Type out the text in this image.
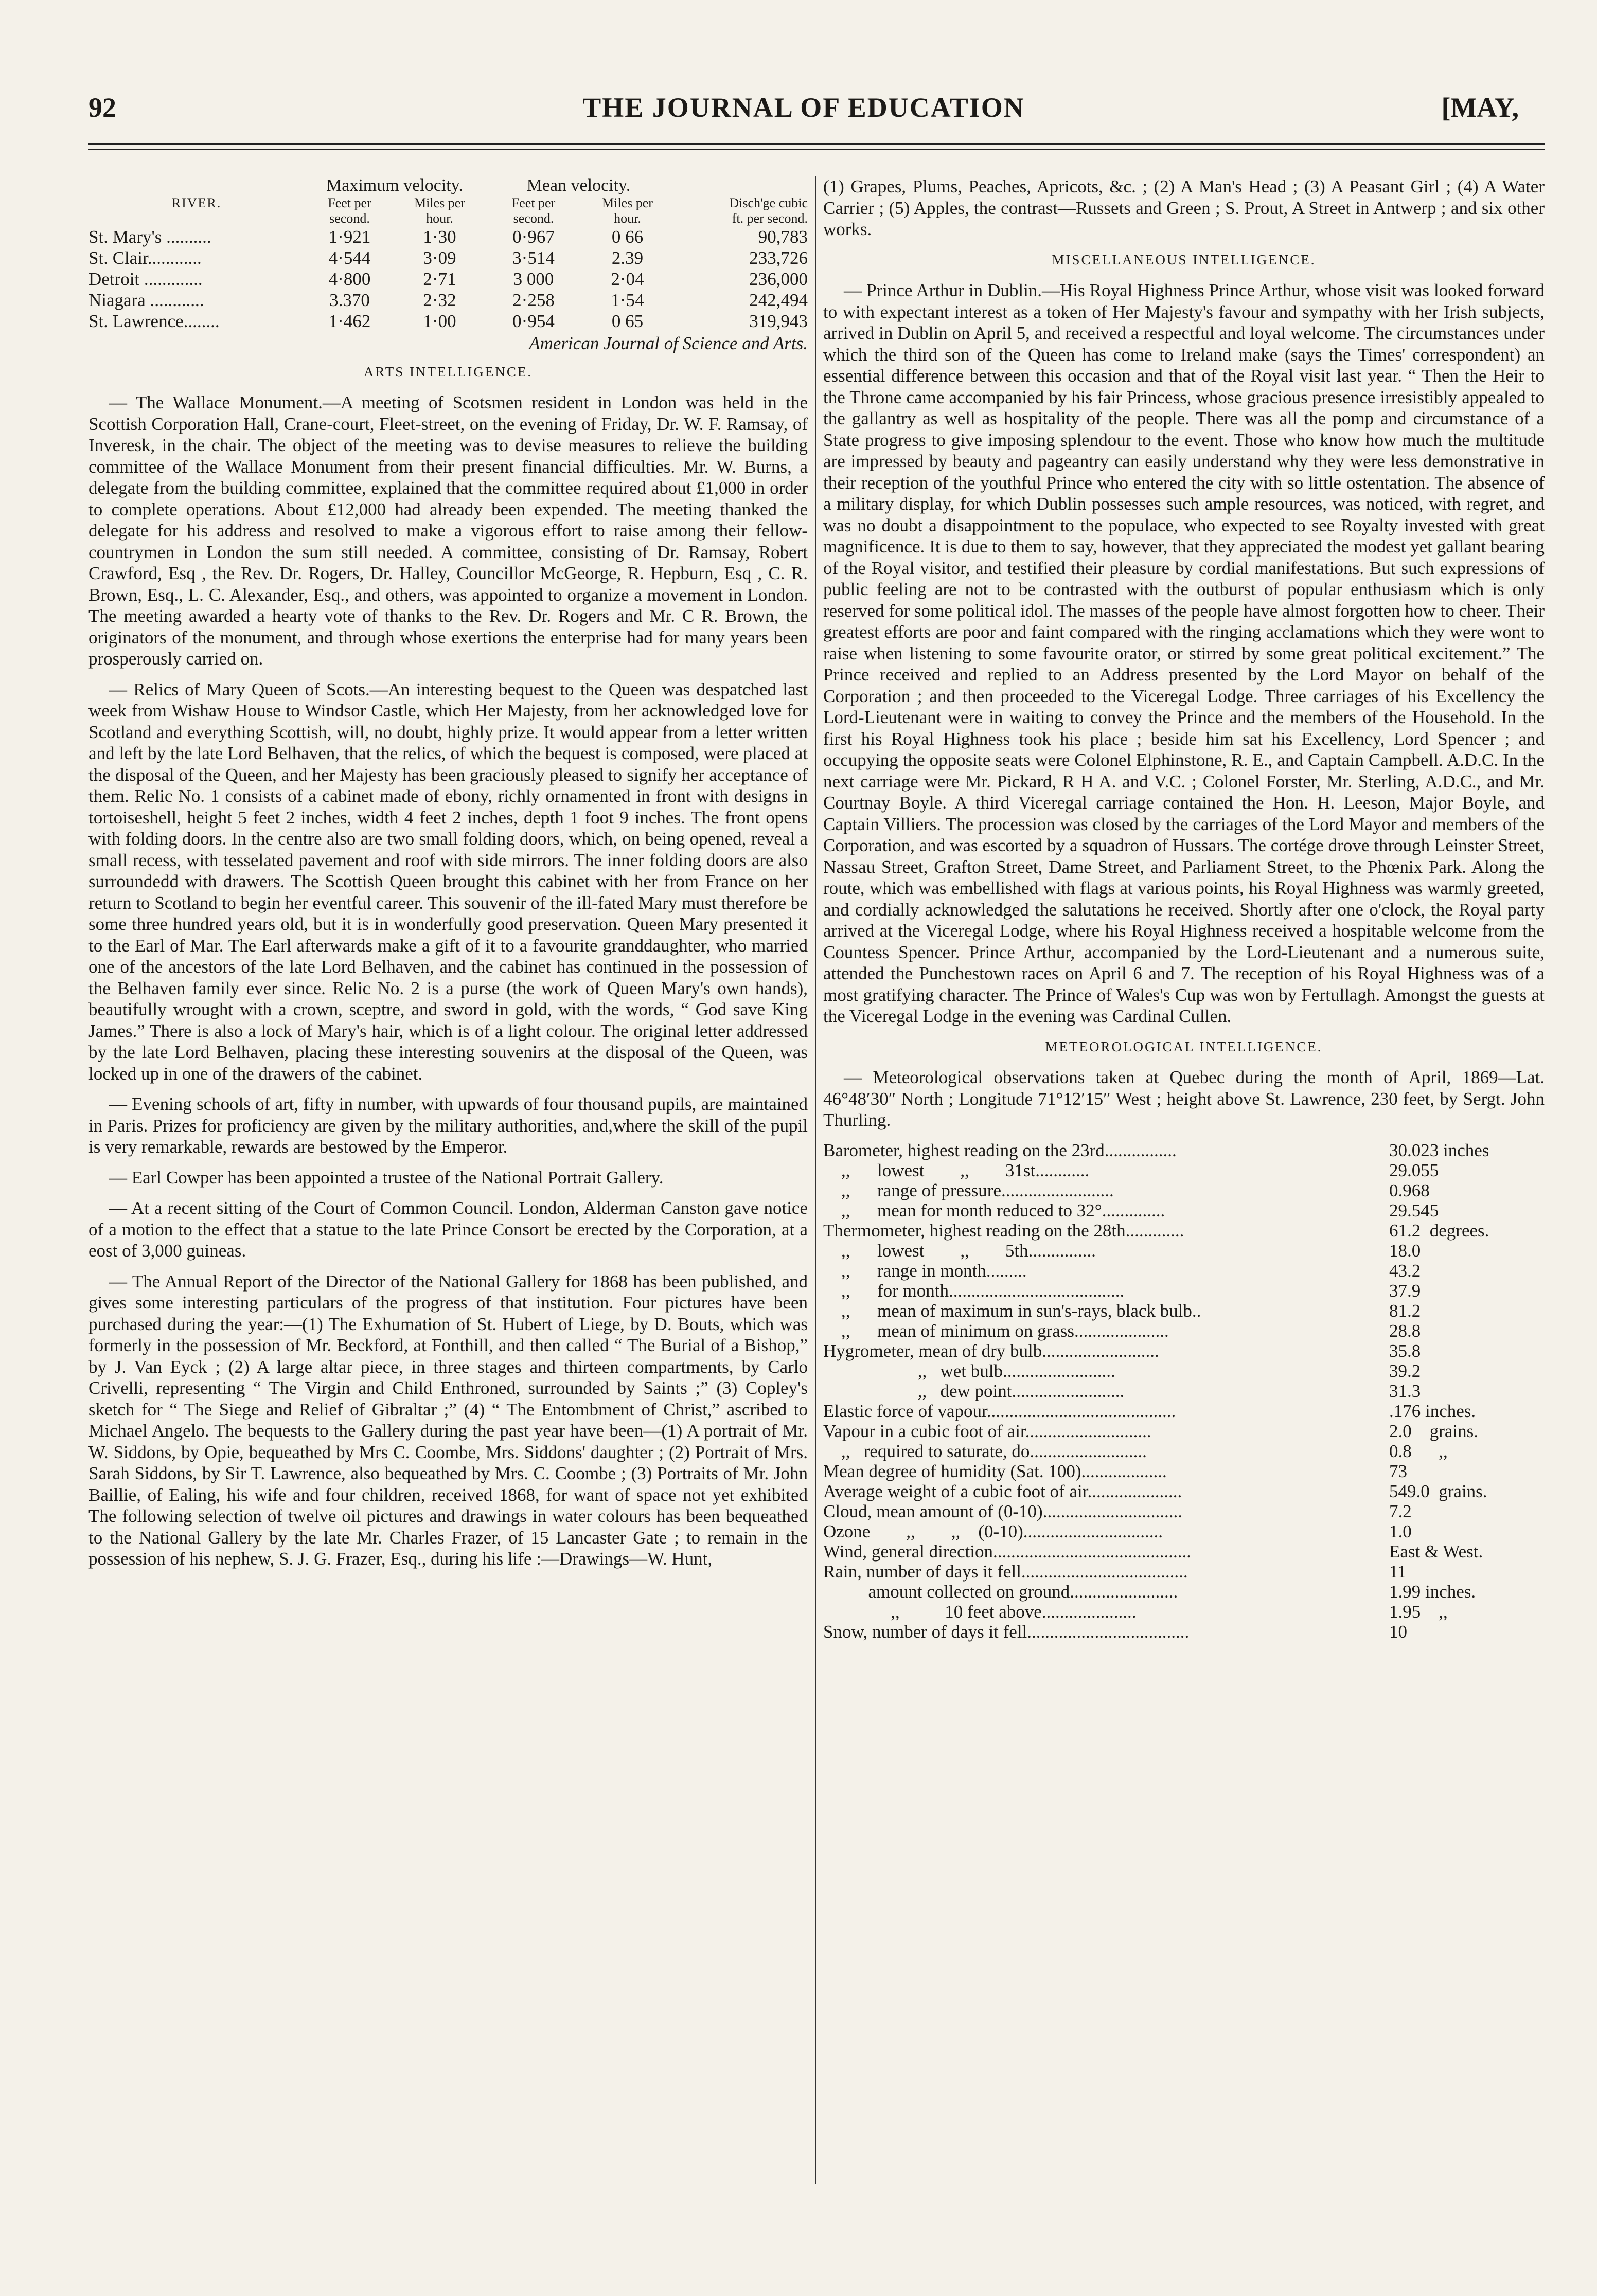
92	THE JOURNAL OF EDUCATION	[MAY,
Maximum velocity.	Mean velocity.
RIVER.	Feet per	Miles per	Feet per	Miles per	Disch'ge cubic
second.	hour.	second.	hour.	ft. per second.
St. Mary's ..........	1·921	1·30	0·967	0 66	90,783
St. Clair............	4·544	3·09	3·514	2.39	233,726
Detroit .............	4·800	2·71	3 000	2·04	236,000
Niagara ............	3.370	2·32	2·258	1·54	242,494
St. Lawrence........	1·462	1·00	0·954	0 65	319,943
American Journal of Science and Arts.
ARTS INTELLIGENCE.

— The Wallace Monument.—A meeting of Scotsmen resident in London was held in the Scottish Corporation Hall, Crane-court, Fleet-street, on the evening of Friday, Dr. W. F. Ramsay, of Inveresk, in the chair. The object of the meeting was to devise measures to relieve the building committee of the Wallace Monument from their present financial difficulties. Mr. W. Burns, a delegate from the building committee, explained that the committee required about £1,000 in order to complete operations. About £12,000 had already been expended. The meeting thanked the delegate for his address and resolved to make a vigorous effort to raise among their fellow-countrymen in London the sum still needed. A committee, consisting of Dr. Ramsay, Robert Crawford, Esq , the Rev. Dr. Rogers, Dr. Halley, Councillor McGeorge, R. Hepburn, Esq , C. R. Brown, Esq., L. C. Alexander, Esq., and others, was appointed to organize a movement in London. The meeting awarded a hearty vote of thanks to the Rev. Dr. Rogers and Mr. C R. Brown, the originators of the monument, and through whose exertions the enterprise had for many years been prosperously carried on.

— Relics of Mary Queen of Scots.—An interesting bequest to the Queen was despatched last week from Wishaw House to Windsor Castle, which Her Majesty, from her acknowledged love for Scotland and everything Scottish, will, no doubt, highly prize. It would appear from a letter written and left by the late Lord Belhaven, that the relics, of which the bequest is composed, were placed at the disposal of the Queen, and her Majesty has been graciously pleased to signify her acceptance of them. Relic No. 1 consists of a cabinet made of ebony, richly ornamented in front with designs in tortoiseshell, height 5 feet 2 inches, width 4 feet 2 inches, depth 1 foot 9 inches. The front opens with folding doors. In the centre also are two small folding doors, which, on being opened, reveal a small recess, with tesselated pavement and roof with side mirrors. The inner folding doors are also surroundedd with drawers. The Scottish Queen brought this cabinet with her from France on her return to Scotland to begin her eventful career. This souvenir of the ill-fated Mary must therefore be some three hundred years old, but it is in wonderfully good preservation. Queen Mary presented it to the Earl of Mar. The Earl afterwards make a gift of it to a favourite granddaughter, who married one of the ancestors of the late Lord Belhaven, and the cabinet has continued in the possession of the Belhaven family ever since. Relic No. 2 is a purse (the work of Queen Mary's own hands), beautifully wrought with a crown, sceptre, and sword in gold, with the words, “ God save King James.” There is also a lock of Mary's hair, which is of a light colour. The original letter addressed by the late Lord Belhaven, placing these interesting souvenirs at the disposal of the Queen, was locked up in one of the drawers of the cabinet.

— Evening schools of art, fifty in number, with upwards of four thousand pupils, are maintained in Paris. Prizes for proficiency are given by the military authorities, and,where the skill of the pupil is very remarkable, rewards are bestowed by the Emperor.

— Earl Cowper has been appointed a trustee of the National Portrait Gallery.

— At a recent sitting of the Court of Common Council. London, Alderman Canston gave notice of a motion to the effect that a statue to the late Prince Consort be erected by the Corporation, at a eost of 3,000 guineas.

— The Annual Report of the Director of the National Gallery for 1868 has been published, and gives some interesting particulars of the progress of that institution. Four pictures have been purchased during the year:—(1) The Exhumation of St. Hubert of Liege, by D. Bouts, which was formerly in the possession of Mr. Beckford, at Fonthill, and then called “ The Burial of a Bishop,” by J. Van Eyck ; (2) A large altar piece, in three stages and thirteen compartments, by Carlo Crivelli, representing “ The Virgin and Child Enthroned, surrounded by Saints ;” (3) Copley's sketch for “ The Siege and Relief of Gibraltar ;” (4) “ The Entombment of Christ,” ascribed to Michael Angelo. The bequests to the Gallery during the past year have been—(1) A portrait of Mr. W. Siddons, by Opie, bequeathed by Mrs C. Coombe, Mrs. Siddons' daughter ; (2) Portrait of Mrs. Sarah Siddons, by Sir T. Lawrence, also bequeathed by Mrs. C. Coombe ; (3) Portraits of Mr. John Baillie, of Ealing, his wife and four children, received 1868, for want of space not yet exhibited The following selection of twelve oil pictures and drawings in water colours has been bequeathed to the National Gallery by the late Mr. Charles Frazer, of 15 Lancaster Gate ; to remain in the possession of his nephew, S. J. G. Frazer, Esq., during his life :—Drawings—W. Hunt,

(1) Grapes, Plums, Peaches, Apricots, &c. ; (2) A Man's Head ; (3) A Peasant Girl ; (4) A Water Carrier ; (5) Apples, the contrast—Russets and Green ; S. Prout, A Street in Antwerp ; and six other works.

MISCELLANEOUS INTELLIGENCE.

— Prince Arthur in Dublin.—His Royal Highness Prince Arthur, whose visit was looked forward to with expectant interest as a token of Her Majesty's favour and sympathy with her Irish subjects, arrived in Dublin on April 5, and received a respectful and loyal welcome. The circumstances under which the third son of the Queen has come to Ireland make (says the Times' correspondent) an essential difference between this occasion and that of the Royal visit last year. “ Then the Heir to the Throne came accompanied by his fair Princess, whose gracious presence irresistibly appealed to the gallantry as well as hospitality of the people. There was all the pomp and circumstance of a State progress to give imposing splendour to the event. Those who know how much the multitude are impressed by beauty and pageantry can easily understand why they were less demonstrative in their reception of the youthful Prince who entered the city with so little ostentation. The absence of a military display, for which Dublin possesses such ample resources, was noticed, with regret, and was no doubt a disappointment to the populace, who expected to see Royalty invested with great magnificence. It is due to them to say, however, that they appreciated the modest yet gallant bearing of the Royal visitor, and testified their pleasure by cordial manifestations. But such expressions of public feeling are not to be contrasted with the outburst of popular enthusiasm which is only reserved for some political idol. The masses of the people have almost forgotten how to cheer. Their greatest efforts are poor and faint compared with the ringing acclamations which they were wont to raise when listening to some favourite orator, or stirred by some great political excitement.” The Prince received and replied to an Address presented by the Lord Mayor on behalf of the Corporation ; and then proceeded to the Viceregal Lodge. Three carriages of his Excellency the Lord-Lieutenant were in waiting to convey the Prince and the members of the Household. In the first his Royal Highness took his place ; beside him sat his Excellency, Lord Spencer ; and occupying the opposite seats were Colonel Elphinstone, R. E., and Captain Campbell. A.D.C. In the next carriage were Mr. Pickard, R H A. and V.C. ; Colonel Forster, Mr. Sterling, A.D.C., and Mr. Courtnay Boyle. A third Viceregal carriage contained the Hon. H. Leeson, Major Boyle, and Captain Villiers. The procession was closed by the carriages of the Lord Mayor and members of the Corporation, and was escorted by a squadron of Hussars. The cortége drove through Leinster Street, Nassau Street, Grafton Street, Dame Street, and Parliament Street, to the Phœnix Park. Along the route, which was embellished with flags at various points, his Royal Highness was warmly greeted, and cordially acknowledged the salutations he received. Shortly after one o'clock, the Royal party arrived at the Viceregal Lodge, where his Royal Highness received a hospitable welcome from the Countess Spencer. Prince Arthur, accompanied by the Lord-Lieutenant and a numerous suite, attended the Punchestown races on April 6 and 7. The reception of his Royal Highness was of a most gratifying character. The Prince of Wales's Cup was won by Fertullagh. Amongst the guests at the Viceregal Lodge in the evening was Cardinal Cullen.

METEOROLOGICAL INTELLIGENCE.

— Meteorological observations taken at Quebec during the month of April, 1869—Lat. 46°48′30″ North ; Longitude 71°12′15″ West ; height above St. Lawrence, 230 feet, by Sergt. John Thurling.

Barometer, highest reading on the 23rd................	30.023 inches
,,      lowest        ,,        31st............	29.055
,,      range of pressure.........................	0.968
,,      mean for month reduced to 32°..............	29.545
Thermometer, highest reading on the 28th.............	61.2  degrees.
,,      lowest        ,,        5th...............	18.0
,,      range in month.........	43.2
,,      for month.......................................	37.9
,,      mean of maximum in sun's-rays, black bulb..	81.2
,,      mean of minimum on grass.....................	28.8
Hygrometer, mean of dry bulb..........................	35.8
,,   wet bulb.........................	39.2
,,   dew point.........................	31.3
Elastic force of vapour..........................................	.176 inches.
Vapour in a cubic foot of air............................	2.0    grains.
,,   required to saturate, do..........................	0.8      ,,
Mean degree of humidity (Sat. 100)...................	73
Average weight of a cubic foot of air.....................	549.0  grains.
Cloud, mean amount of (0-10)...............................	7.2
Ozone        ,,        ,,    (0-10)...............................	1.0
Wind, general direction............................................	East & West.
Rain, number of days it fell.....................................	11
amount collected on ground........................	1.99 inches.
,,          10 feet above.....................	1.95    ,,
Snow, number of days it fell....................................	10
